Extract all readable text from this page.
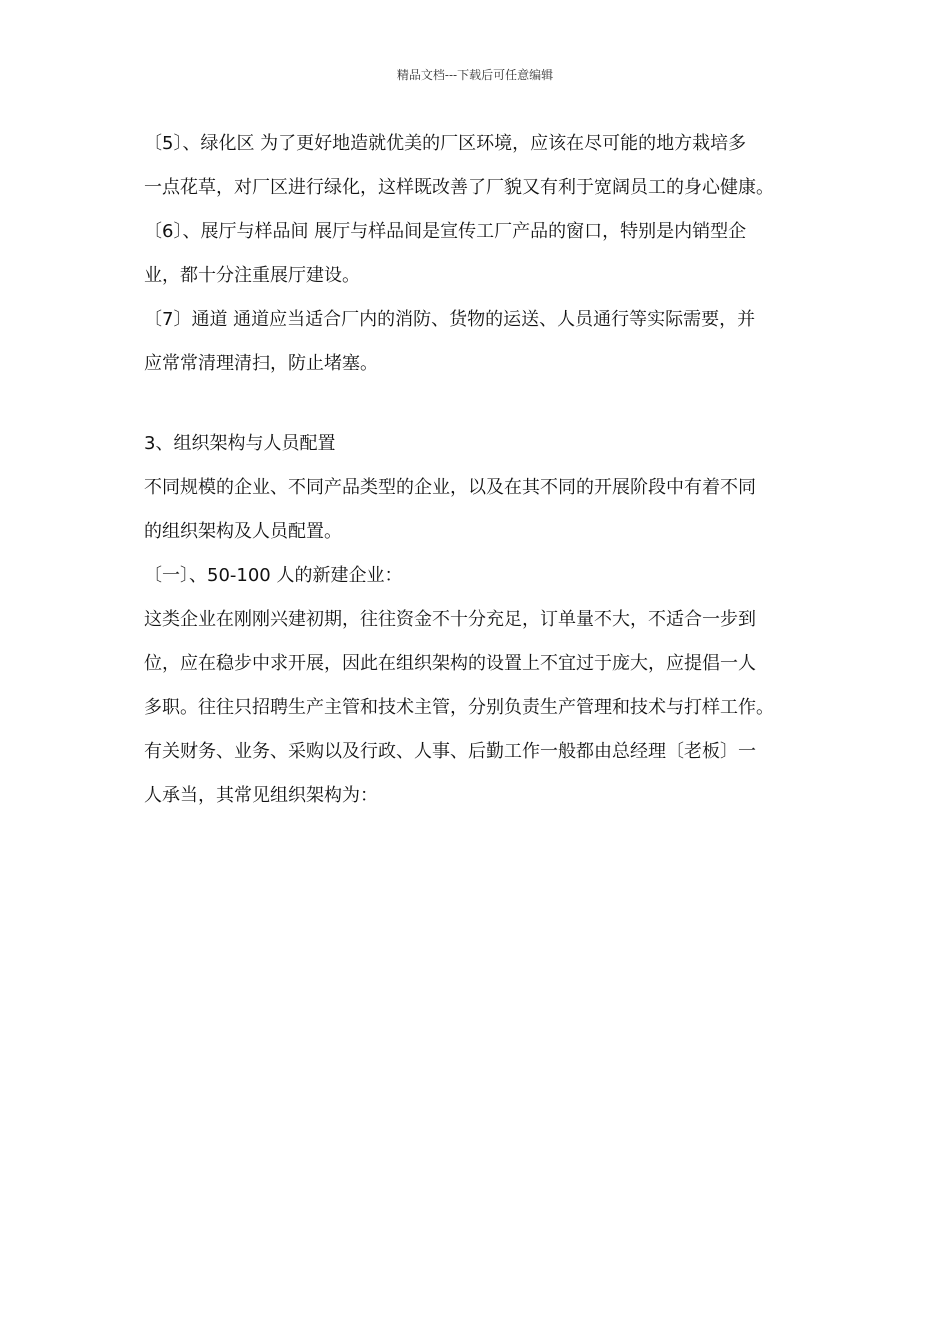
精品文档---下载后可任意编辑
〔5〕、绿化区 为了更好地造就优美的厂区环境，应该在尽可能的地方栽培多
一点花草，对厂区进行绿化，这样既改善了厂貌又有利于宽阔员工的身心健康。
〔6〕、展厅与样品间 展厅与样品间是宣传工厂产品的窗口，特别是内销型企
业，都十分注重展厅建设。
〔7〕通道 通道应当适合厂内的消防、货物的运送、人员通行等实际需要，并
应常常清理清扫，防止堵塞。
3、组织架构与人员配置
不同规模的企业、不同产品类型的企业，以及在其不同的开展阶段中有着不同
的组织架构及人员配置。
〔一〕、50-100 人的新建企业：
这类企业在刚刚兴建初期，往往资金不十分充足，订单量不大，不适合一步到
位，应在稳步中求开展，因此在组织架构的设置上不宜过于庞大，应提倡一人
多职。往往只招聘生产主管和技术主管，分别负责生产管理和技术与打样工作。
有关财务、业务、采购以及行政、人事、后勤工作一般都由总经理〔老板〕一
人承当，其常见组织架构为：
